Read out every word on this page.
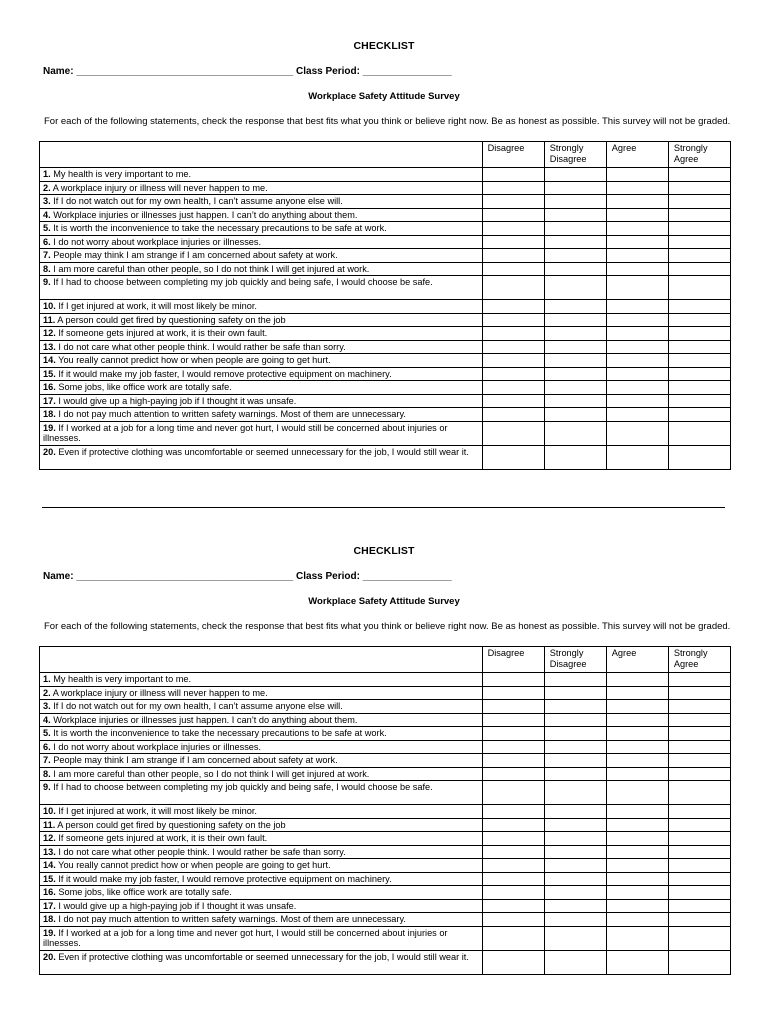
CHECKLIST
Name: _______________________________________ Class Period: ________________
Workplace Safety Attitude Survey
For each of the following statements, check the response that best fits what you think or believe right now. Be as honest as possible. This survey will not be graded.
	Disagree	Strongly Disagree	Agree	Strongly Agree
1. My health is very important to me.				
2. A workplace injury or illness will never happen to me.				
3. If I do not watch out for my own health, I can’t assume anyone else will.				
4. Workplace injuries or illnesses just happen. I can’t do anything about them.				
5. It is worth the inconvenience to take the necessary precautions to be safe at work.				
6. I do not worry about workplace injuries or illnesses.				
7. People may think I am strange if I am concerned about safety at work.				
8. I am more careful than other people, so I do not think I will get injured at work.				
9. If I had to choose between completing my job quickly and being safe, I would choose be safe.				
10. If I get injured at work, it will most likely be minor.				
11. A person could get fired by questioning safety on the job				
12. If someone gets injured at work, it is their own fault.				
13. I do not care what other people think. I would rather be safe than sorry.				
14. You really cannot predict how or when people are going to get hurt.				
15. If it would make my job faster, I would remove protective equipment on machinery.				
16. Some jobs, like office work are totally safe.				
17. I would give up a high-paying job if I thought it was unsafe.				
18. I do not pay much attention to written safety warnings. Most of them are unnecessary.				
19. If I worked at a job for a long time and never got hurt, I would still be concerned about injuries or illnesses.				
20. Even if protective clothing was uncomfortable or seemed unnecessary for the job, I would still wear it.				
CHECKLIST
Name: _______________________________________ Class Period: ________________
Workplace Safety Attitude Survey
For each of the following statements, check the response that best fits what you think or believe right now. Be as honest as possible. This survey will not be graded.
	Disagree	Strongly Disagree	Agree	Strongly Agree
1. My health is very important to me.				
2. A workplace injury or illness will never happen to me.				
3. If I do not watch out for my own health, I can’t assume anyone else will.				
4. Workplace injuries or illnesses just happen. I can’t do anything about them.				
5. It is worth the inconvenience to take the necessary precautions to be safe at work.				
6. I do not worry about workplace injuries or illnesses.				
7. People may think I am strange if I am concerned about safety at work.				
8. I am more careful than other people, so I do not think I will get injured at work.				
9. If I had to choose between completing my job quickly and being safe, I would choose be safe.				
10. If I get injured at work, it will most likely be minor.				
11. A person could get fired by questioning safety on the job				
12. If someone gets injured at work, it is their own fault.				
13. I do not care what other people think. I would rather be safe than sorry.				
14. You really cannot predict how or when people are going to get hurt.				
15. If it would make my job faster, I would remove protective equipment on machinery.				
16. Some jobs, like office work are totally safe.				
17. I would give up a high-paying job if I thought it was unsafe.				
18. I do not pay much attention to written safety warnings. Most of them are unnecessary.				
19. If I worked at a job for a long time and never got hurt, I would still be concerned about injuries or illnesses.				
20. Even if protective clothing was uncomfortable or seemed unnecessary for the job, I would still wear it.				
